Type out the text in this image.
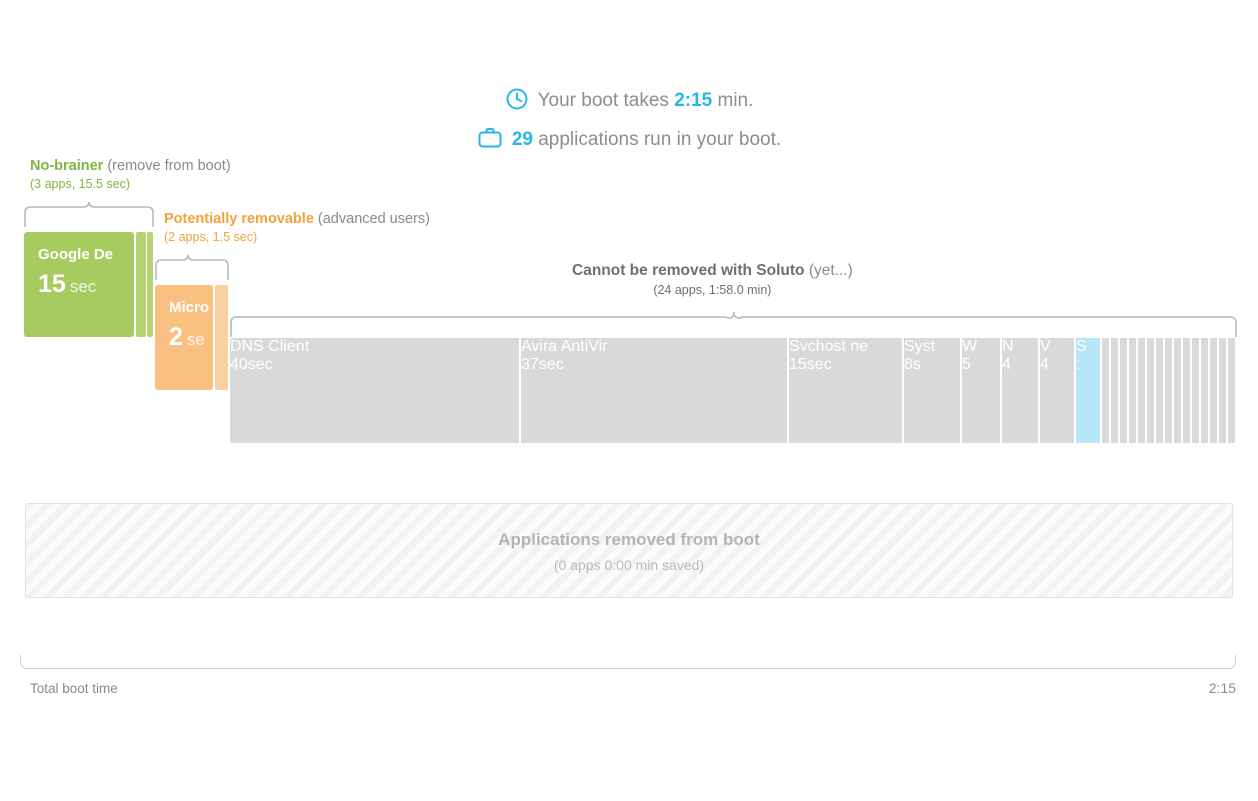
Your boot takes 2:15 min.
29 applications run in your boot.
No-brainer (remove from boot)
(3 apps, 15.5 sec)
Google De
15 sec
Potentially removable (advanced users)
(2 apps, 1.5 sec)
Micro
2 se
Cannot be removed with Soluto (yet...)
(24 apps, 1:58.0 min)
DNS Client
40sec
Avira AntiVir
37sec
Svchost ne
15sec
Syst
8s
W
5
N
4
V
4
S
:
Applications removed from boot
(0 apps 0:00 min saved)
Total boot time	2:15
